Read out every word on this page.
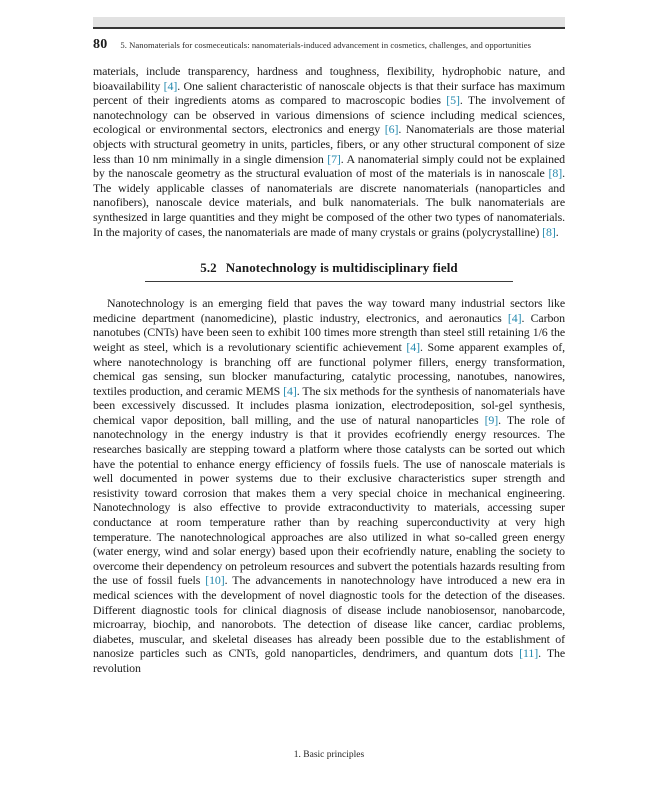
80 5. Nanomaterials for cosmeceuticals: nanomaterials-induced advancement in cosmetics, challenges, and opportunities

materials, include transparency, hardness and toughness, flexibility, hydrophobic nature, and bioavailability [4]. One salient characteristic of nanoscale objects is that their surface has maximum percent of their ingredients atoms as compared to macroscopic bodies [5]. The involvement of nanotechnology can be observed in various dimensions of science including medical sciences, ecological or environmental sectors, electronics and energy [6]. Nanomaterials are those material objects with structural geometry in units, particles, fibers, or any other structural component of size less than 10 nm minimally in a single dimension [7]. A nanomaterial simply could not be explained by the nanoscale geometry as the structural evaluation of most of the materials is in nanoscale [8]. The widely applicable classes of nanomaterials are discrete nanomaterials (nanoparticles and nanofibers), nanoscale device materials, and bulk nanomaterials. The bulk nanomaterials are synthesized in large quantities and they might be composed of the other two types of nanomaterials. In the majority of cases, the nanomaterials are made of many crystals or grains (polycrystalline) [8].

5.2 Nanotechnology is multidisciplinary field

Nanotechnology is an emerging field that paves the way toward many industrial sectors like medicine department (nanomedicine), plastic industry, electronics, and aeronautics [4]. Carbon nanotubes (CNTs) have been seen to exhibit 100 times more strength than steel still retaining 1/6 the weight as steel, which is a revolutionary scientific achievement [4]. Some apparent examples of, where nanotechnology is branching off are functional polymer fillers, energy transformation, chemical gas sensing, sun blocker manufacturing, catalytic processing, nanotubes, nanowires, textiles production, and ceramic MEMS [4]. The six methods for the synthesis of nanomaterials have been excessively discussed. It includes plasma ionization, electrodeposition, sol-gel synthesis, chemical vapor deposition, ball milling, and the use of natural nanoparticles [9]. The role of nanotechnology in the energy industry is that it provides ecofriendly energy resources. The researches basically are stepping toward a platform where those catalysts can be sorted out which have the potential to enhance energy efficiency of fossils fuels. The use of nanoscale materials is well documented in power systems due to their exclusive characteristics super strength and resistivity toward corrosion that makes them a very special choice in mechanical engineering. Nanotechnology is also effective to provide extraconductivity to materials, accessing super conductance at room temperature rather than by reaching superconductivity at very high temperature. The nanotechnological approaches are also utilized in what so-called green energy (water energy, wind and solar energy) based upon their ecofriendly nature, enabling the society to overcome their dependency on petroleum resources and subvert the potentials hazards resulting from the use of fossil fuels [10]. The advancements in nanotechnology have introduced a new era in medical sciences with the development of novel diagnostic tools for the detection of the diseases. Different diagnostic tools for clinical diagnosis of disease include nanobiosensor, nanobarcode, microarray, biochip, and nanorobots. The detection of disease like cancer, cardiac problems, diabetes, muscular, and skeletal diseases has already been possible due to the establishment of nanosize particles such as CNTs, gold nanoparticles, dendrimers, and quantum dots [11]. The revolution

1. Basic principles
